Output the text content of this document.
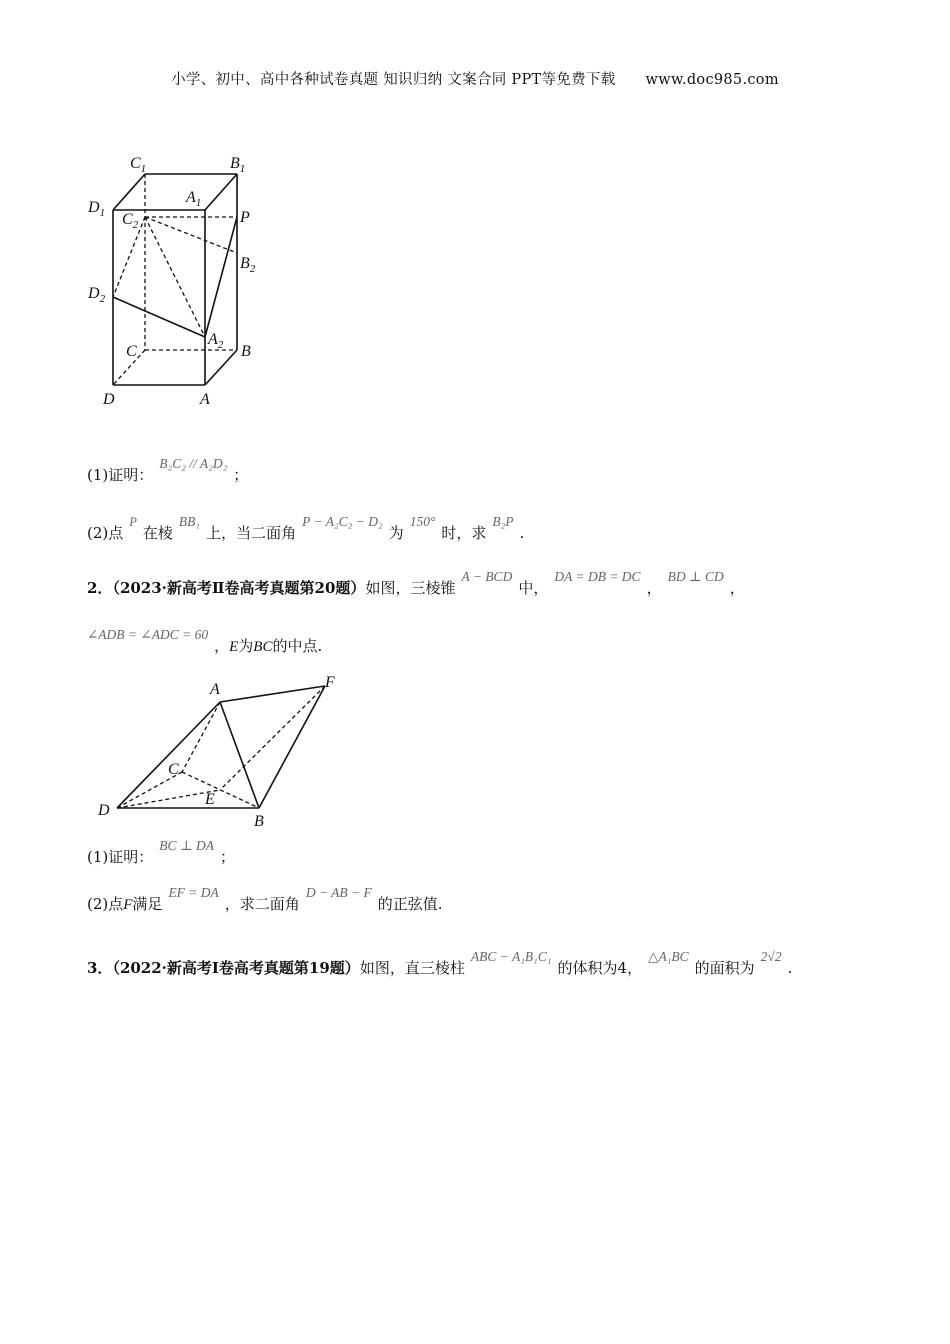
小学、初中、高中各种试卷真题 知识归纳 文案合同 PPT等免费下载 www.doc985.com
$C_1$	$B_1$
$A_1$
$D_1$ $C_2$	P
$B_2$
$D_2$
$A_2$
C	B
D	A
(1)证明：B₂C₂ // A₂D₂；
(2)点$^P$在棱BB₁上，当二面角P − A₂C₂ − D₂为150°时，求B₂P.
2．（2023·新高考Ⅱ卷高考真题第20题）如图，三棱锥A − BCD中，DA = DB = DC，BD ⊥ CD，
∠ADB = ∠ADC = 60，E为BC的中点.
A	F
C
E
D
B
(1)证明：BC ⊥ DA；
(2)点F满足EF = DA，求二面角D − AB − F的正弦值.
3．（2022·新高考Ⅰ卷高考真题第19题）如图，直三棱柱ABC − A₁B₁C₁的体积为4，△A₁BC的面积为2√2.
